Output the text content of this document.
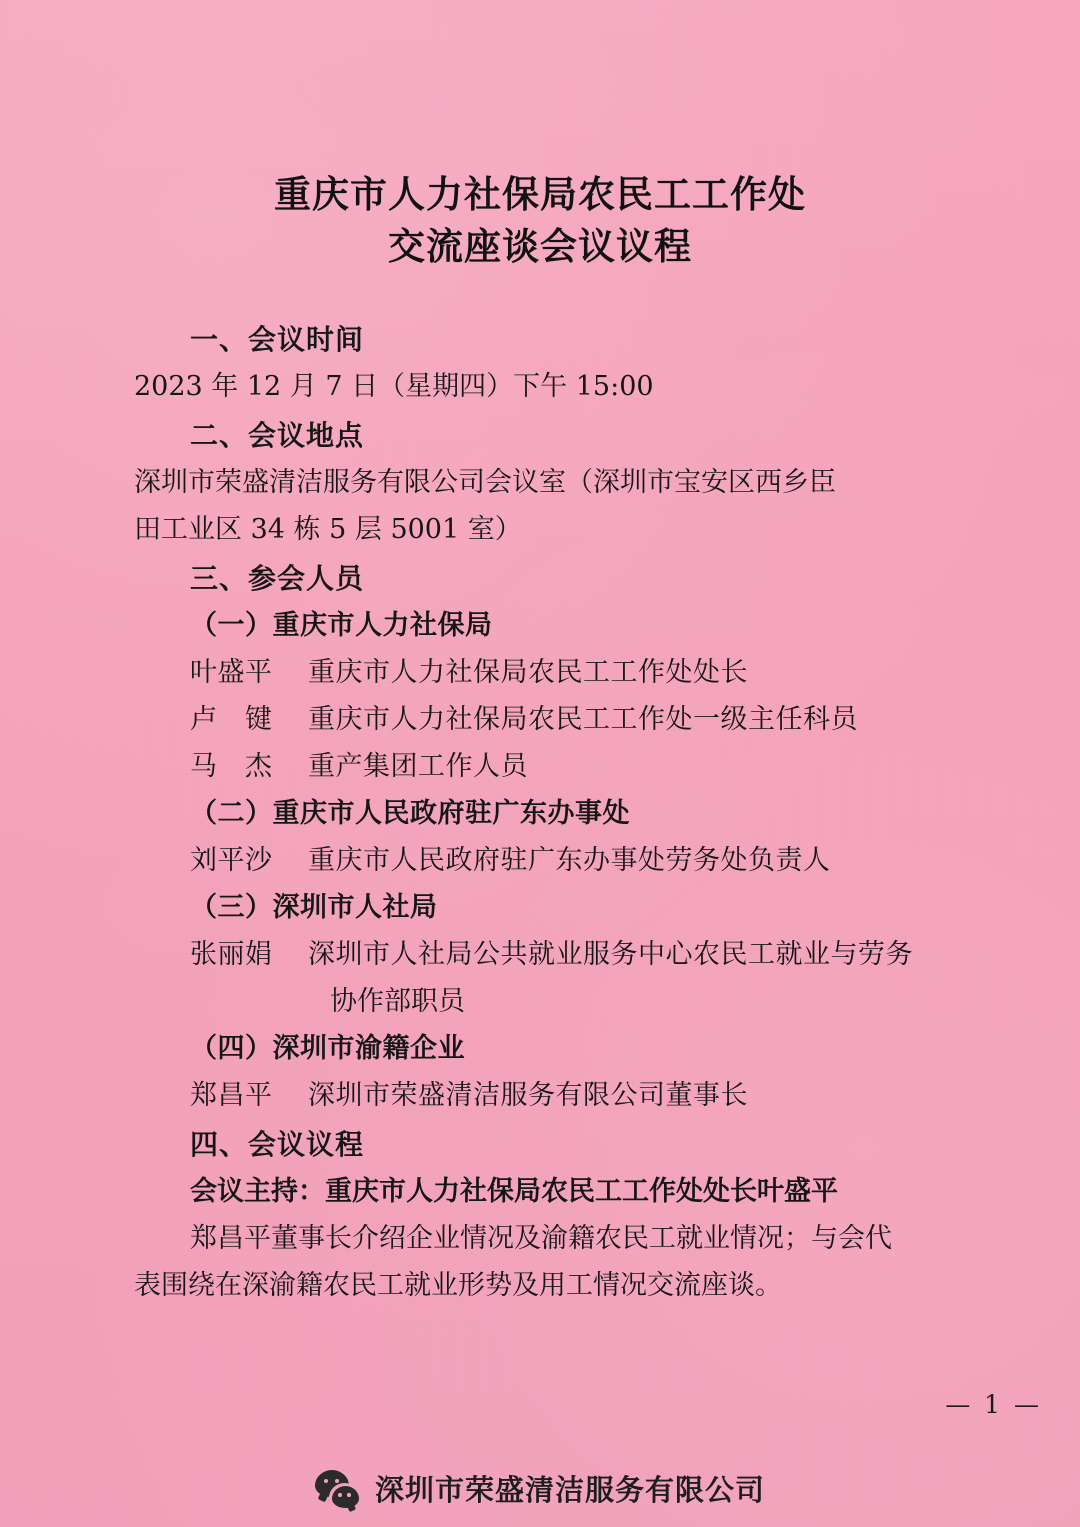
重庆市人力社保局农民工工作处
交流座谈会议议程
一、会议时间
2023 年 12 月 7 日（星期四）下午 15:00
二、会议地点
深圳市荣盛清洁服务有限公司会议室（深圳市宝安区西乡臣
田工业区 34 栋 5 层 5001 室）
三、参会人员
（一）重庆市人力社保局
叶盛平 重庆市人力社保局农民工工作处处长
卢　键 重庆市人力社保局农民工工作处一级主任科员
马　杰 重产集团工作人员
（二）重庆市人民政府驻广东办事处
刘平沙 重庆市人民政府驻广东办事处劳务处负责人
（三）深圳市人社局
张丽娟 深圳市人社局公共就业服务中心农民工就业与劳务
协作部职员
（四）深圳市渝籍企业
郑昌平 深圳市荣盛清洁服务有限公司董事长
四、会议议程
会议主持：重庆市人力社保局农民工工作处处长叶盛平
郑昌平董事长介绍企业情况及渝籍农民工就业情况；与会代
表围绕在深渝籍农民工就业形势及用工情况交流座谈。
— 1 —
深圳市荣盛清洁服务有限公司
